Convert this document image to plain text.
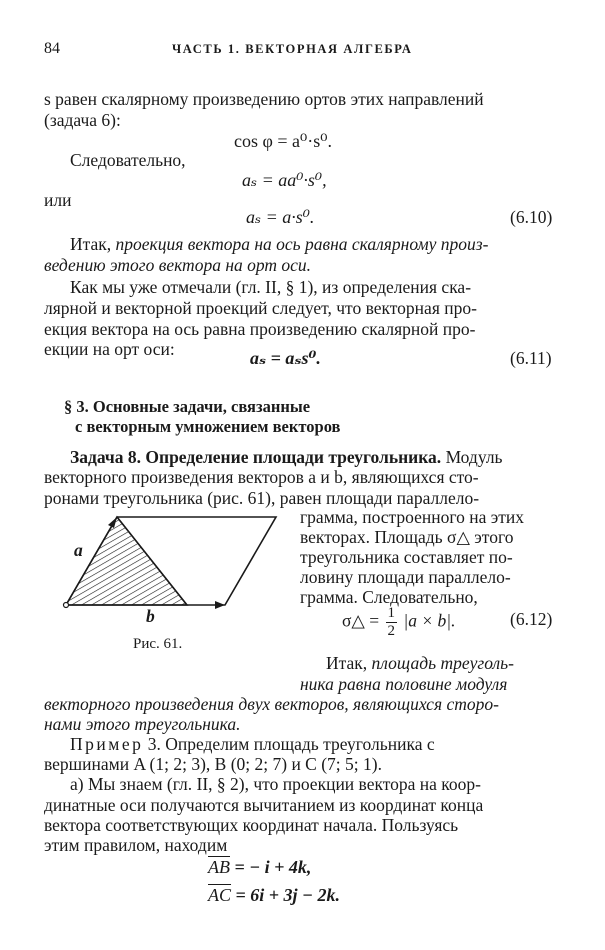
84	ЧАСТЬ 1. ВЕКТОРНАЯ АЛГЕБРА
s равен скалярному произведению ортов этих направлений
(задача 6):
cos φ = a⁰·s⁰.
Следовательно,
aₛ = aa⁰·s⁰,
или
aₛ = a·s⁰.	(6.10)
Итак, проекция вектора на ось равна скалярному произ-
ведению этого вектора на орт оси.
Как мы уже отмечали (гл. II, § 1), из определения ска-
лярной и векторной проекций следует, что векторная про-
екция вектора на ось равна произведению скалярной про-
екции на орт оси:	aₛ = aₛs⁰.	(6.11)
§ 3. Основные задачи, связанные
с векторным умножением векторов
Задача 8. Определение площади треугольника. Модуль
векторного произведения векторов a и b, являющихся сто-
ронами треугольника (рис. 61), равен площади параллело-
грамма, построенного на этих
векторах. Площадь σ△ этого
треугольника составляет по-
ловину площади параллело-
грамма. Следовательно,
σ△ = $\frac{1}{2} |a \times b|$.	(6.12)
a
b
Рис. 61.
Итак, площадь треуголь-
ника равна половине модуля
векторного произведения двух векторов, являющихся сторо-
нами этого треугольника.
Пример 3. Определим площадь треугольника с
вершинами A (1; 2; 3), B (0; 2; 7) и C (7; 5; 1).
а) Мы знаем (гл. II, § 2), что проекции вектора на коор-
динатные оси получаются вычитанием из координат конца
вектора соответствующих координат начала. Пользуясь
этим правилом, находим
$\overline{AB}$ = − i + 4k,
$\overline{AC} = 6i + 3j - 2k$.
